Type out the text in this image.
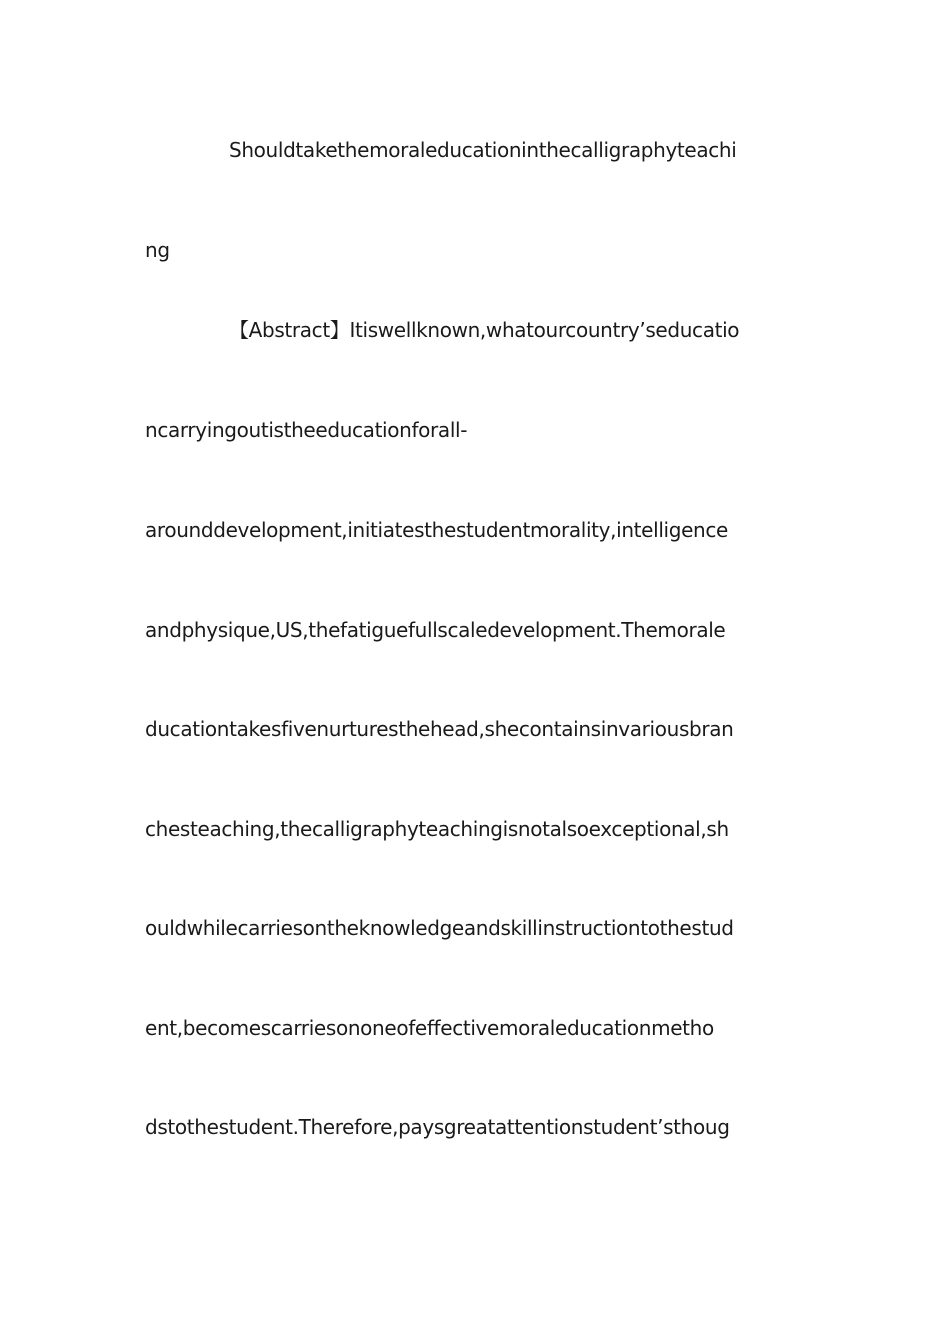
Shouldtakethemoraleducationinthecalligraphyteachi
ng
【Abstract】Itiswellknown,whatourcountry’seducatio
ncarryingoutistheeducationforall-
arounddevelopment,initiatesthestudentmorality,intelligence
andphysique,US,thefatiguefullscaledevelopment.Themorale
ducationtakesfivenurturesthehead,shecontainsinvariousbran
chesteaching,thecalligraphyteachingisnotalsoexceptional,sh
ouldwhilecarriesontheknowledgeandskillinstructiontothestud
ent,becomescarriesononeofeffectivemoraleducationmetho
dstothestudent.Therefore,paysgreatattentionstudent’sthoug
